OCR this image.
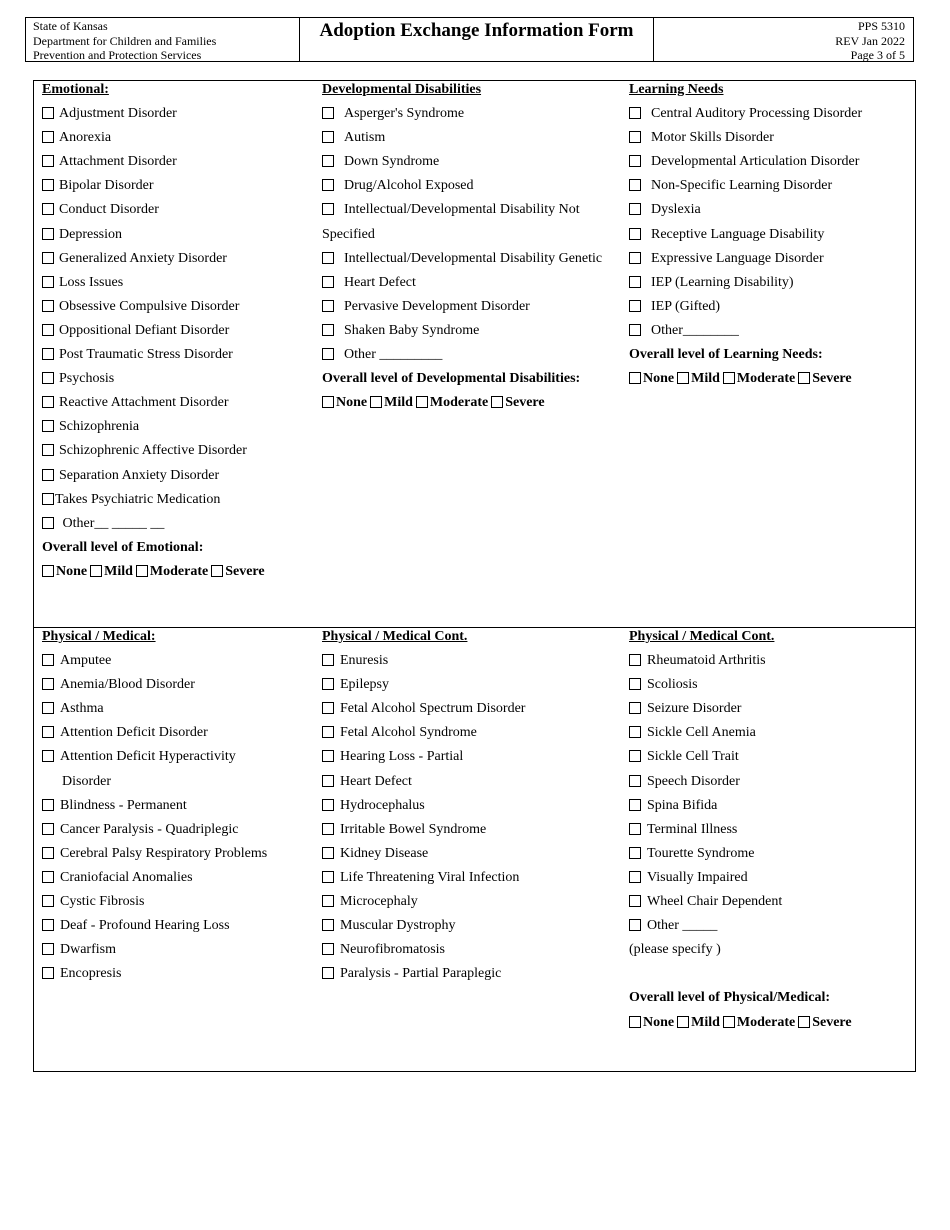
State of Kansas
Department for Children and Families
Prevention and Protection Services
Adoption Exchange Information Form	PPS 5310
REV Jan 2022
Page 3 of 5
Emotional:
Adjustment Disorder
Anorexia
Attachment Disorder
Bipolar Disorder
Conduct Disorder
Depression
Generalized Anxiety Disorder
Loss Issues
Obsessive Compulsive Disorder
Oppositional Defiant Disorder
Post Traumatic Stress Disorder
Psychosis
Reactive Attachment Disorder
Schizophrenia
Schizophrenic Affective Disorder
Separation Anxiety Disorder
Takes Psychiatric Medication
Other__ _____ __
Overall level of Emotional:
None Mild Moderate Severe
Developmental Disabilities
Asperger's Syndrome
Autism
Down Syndrome
Drug/Alcohol Exposed
Intellectual/Developmental Disability Not
Specified
Intellectual/Developmental Disability Genetic
Heart Defect
Pervasive Development Disorder
Shaken Baby Syndrome
Other _________
Overall level of Developmental Disabilities:
None Mild Moderate Severe
Learning Needs
Central Auditory Processing Disorder
Motor Skills Disorder
Developmental Articulation Disorder
Non-Specific Learning Disorder
Dyslexia
Receptive Language Disability
Expressive Language Disorder
IEP (Learning Disability)
IEP (Gifted)
Other________
Overall level of Learning Needs:
None Mild Moderate Severe
Physical / Medical:
Amputee
Anemia/Blood Disorder
Asthma
Attention Deficit Disorder
Attention Deficit Hyperactivity
Disorder
Blindness - Permanent
Cancer Paralysis - Quadriplegic
Cerebral Palsy Respiratory Problems
Craniofacial Anomalies
Cystic Fibrosis
Deaf - Profound Hearing Loss
Dwarfism
Encopresis
Physical / Medical Cont.
Enuresis
Epilepsy
Fetal Alcohol Spectrum Disorder
Fetal Alcohol Syndrome
Hearing Loss - Partial
Heart Defect
Hydrocephalus
Irritable Bowel Syndrome
Kidney Disease
Life Threatening Viral Infection
Microcephaly
Muscular Dystrophy
Neurofibromatosis
Paralysis - Partial Paraplegic
Physical / Medical Cont.
Rheumatoid Arthritis
Scoliosis
Seizure Disorder
Sickle Cell Anemia
Sickle Cell Trait
Speech Disorder
Spina Bifida
Terminal Illness
Tourette Syndrome
Visually Impaired
Wheel Chair Dependent
Other _____
(please specify )
Overall level of Physical/Medical:
None Mild Moderate Severe
